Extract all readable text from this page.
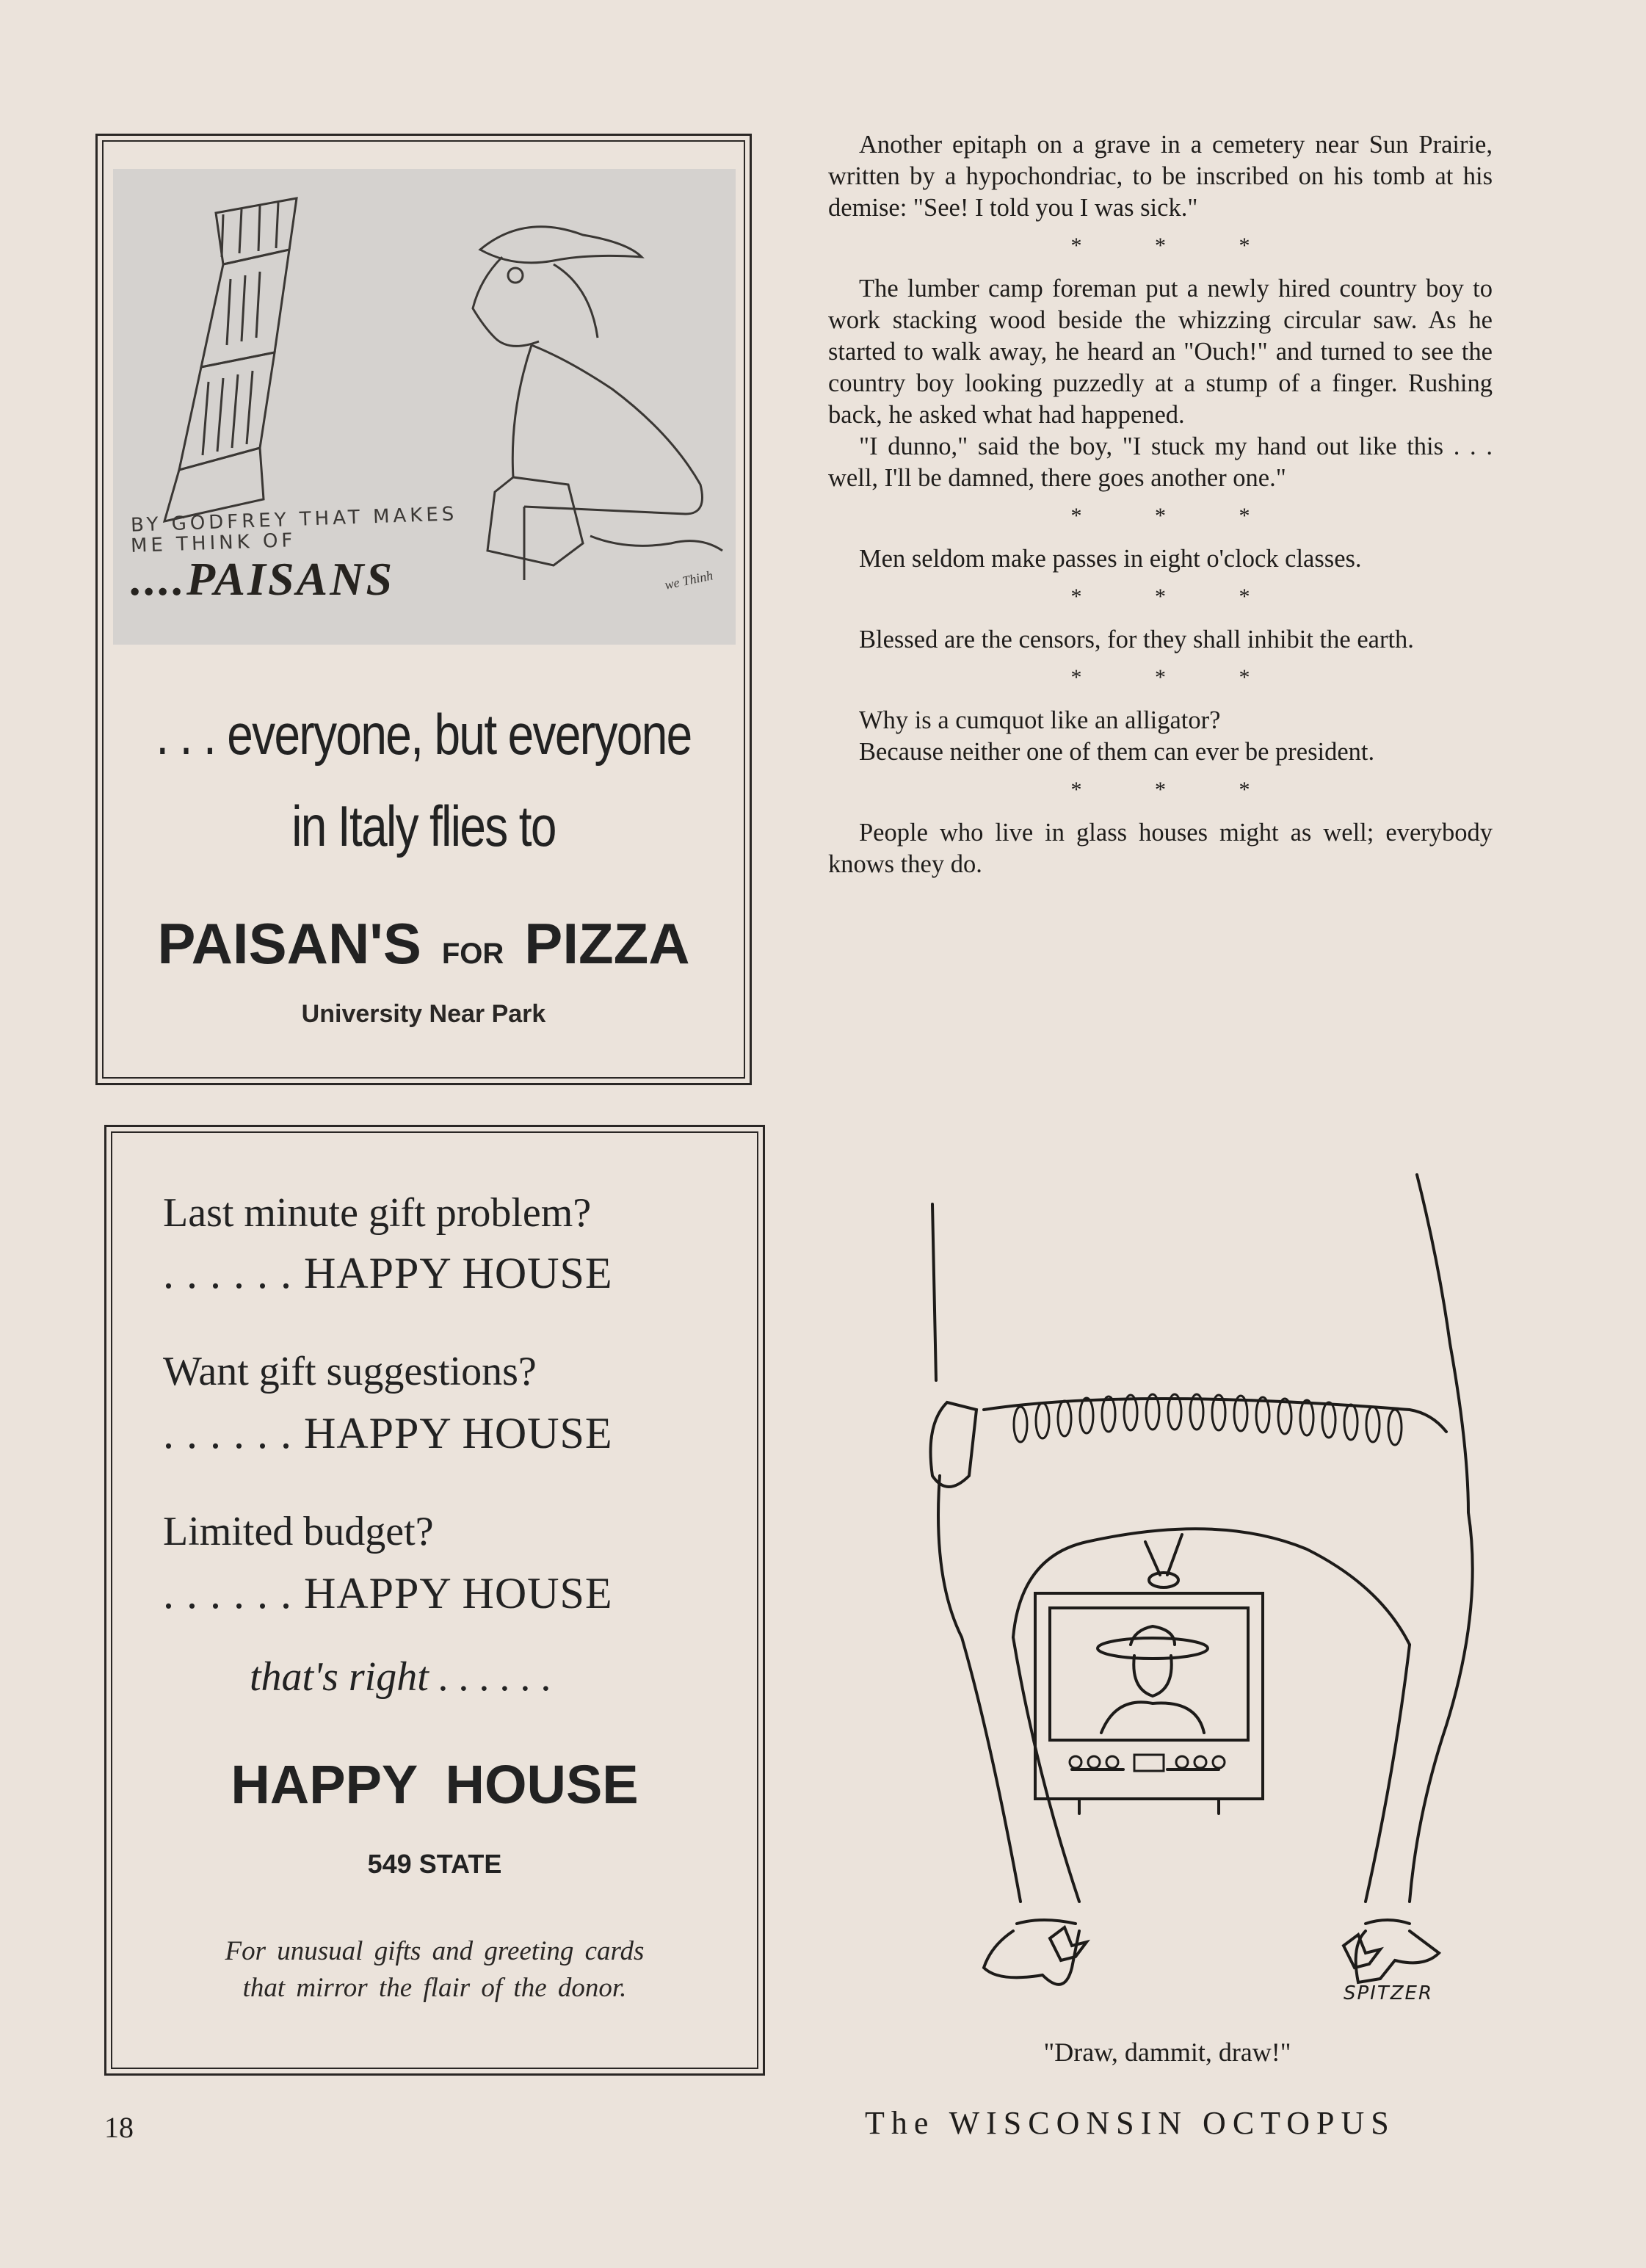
BY GODFREY THAT MAKES
ME THINK OF
....PAISANS	we Thinh
. . . everyone, but everyone
in Italy flies to
PAISAN'S FOR PIZZA
University Near Park
Last minute gift problem?
. . . . . . HAPPY HOUSE
Want gift suggestions?
. . . . . . HAPPY HOUSE
Limited budget?
. . . . . . HAPPY HOUSE
that's right . . . . . .
HAPPY HOUSE
549 STATE
For unusual gifts and greeting cards
that mirror the flair of the donor.

Another epitaph on a grave in a cemetery near Sun Prairie, written by a hypochondriac, to be inscribed on his tomb at his demise: "See! I told you I was sick."

* * *

The lumber camp foreman put a newly hired country boy to work stacking wood beside the whizzing circular saw. As he started to walk away, he heard an "Ouch!" and turned to see the country boy looking puzzedly at a stump of a finger. Rushing back, he asked what had happened.

"I dunno," said the boy, "I stuck my hand out like this . . . well, I'll be damned, there goes another one."

* * *

Men seldom make passes in eight o'clock classes.

* * *

Blessed are the censors, for they shall inhibit the earth.

* * *

Why is a cumquot like an alligator?

Because neither one of them can ever be president.

* * *

People who live in glass houses might as well; everybody knows they do.

SPITZER
"Draw, dammit, draw!"
18	The WISCONSIN OCTOPUS
